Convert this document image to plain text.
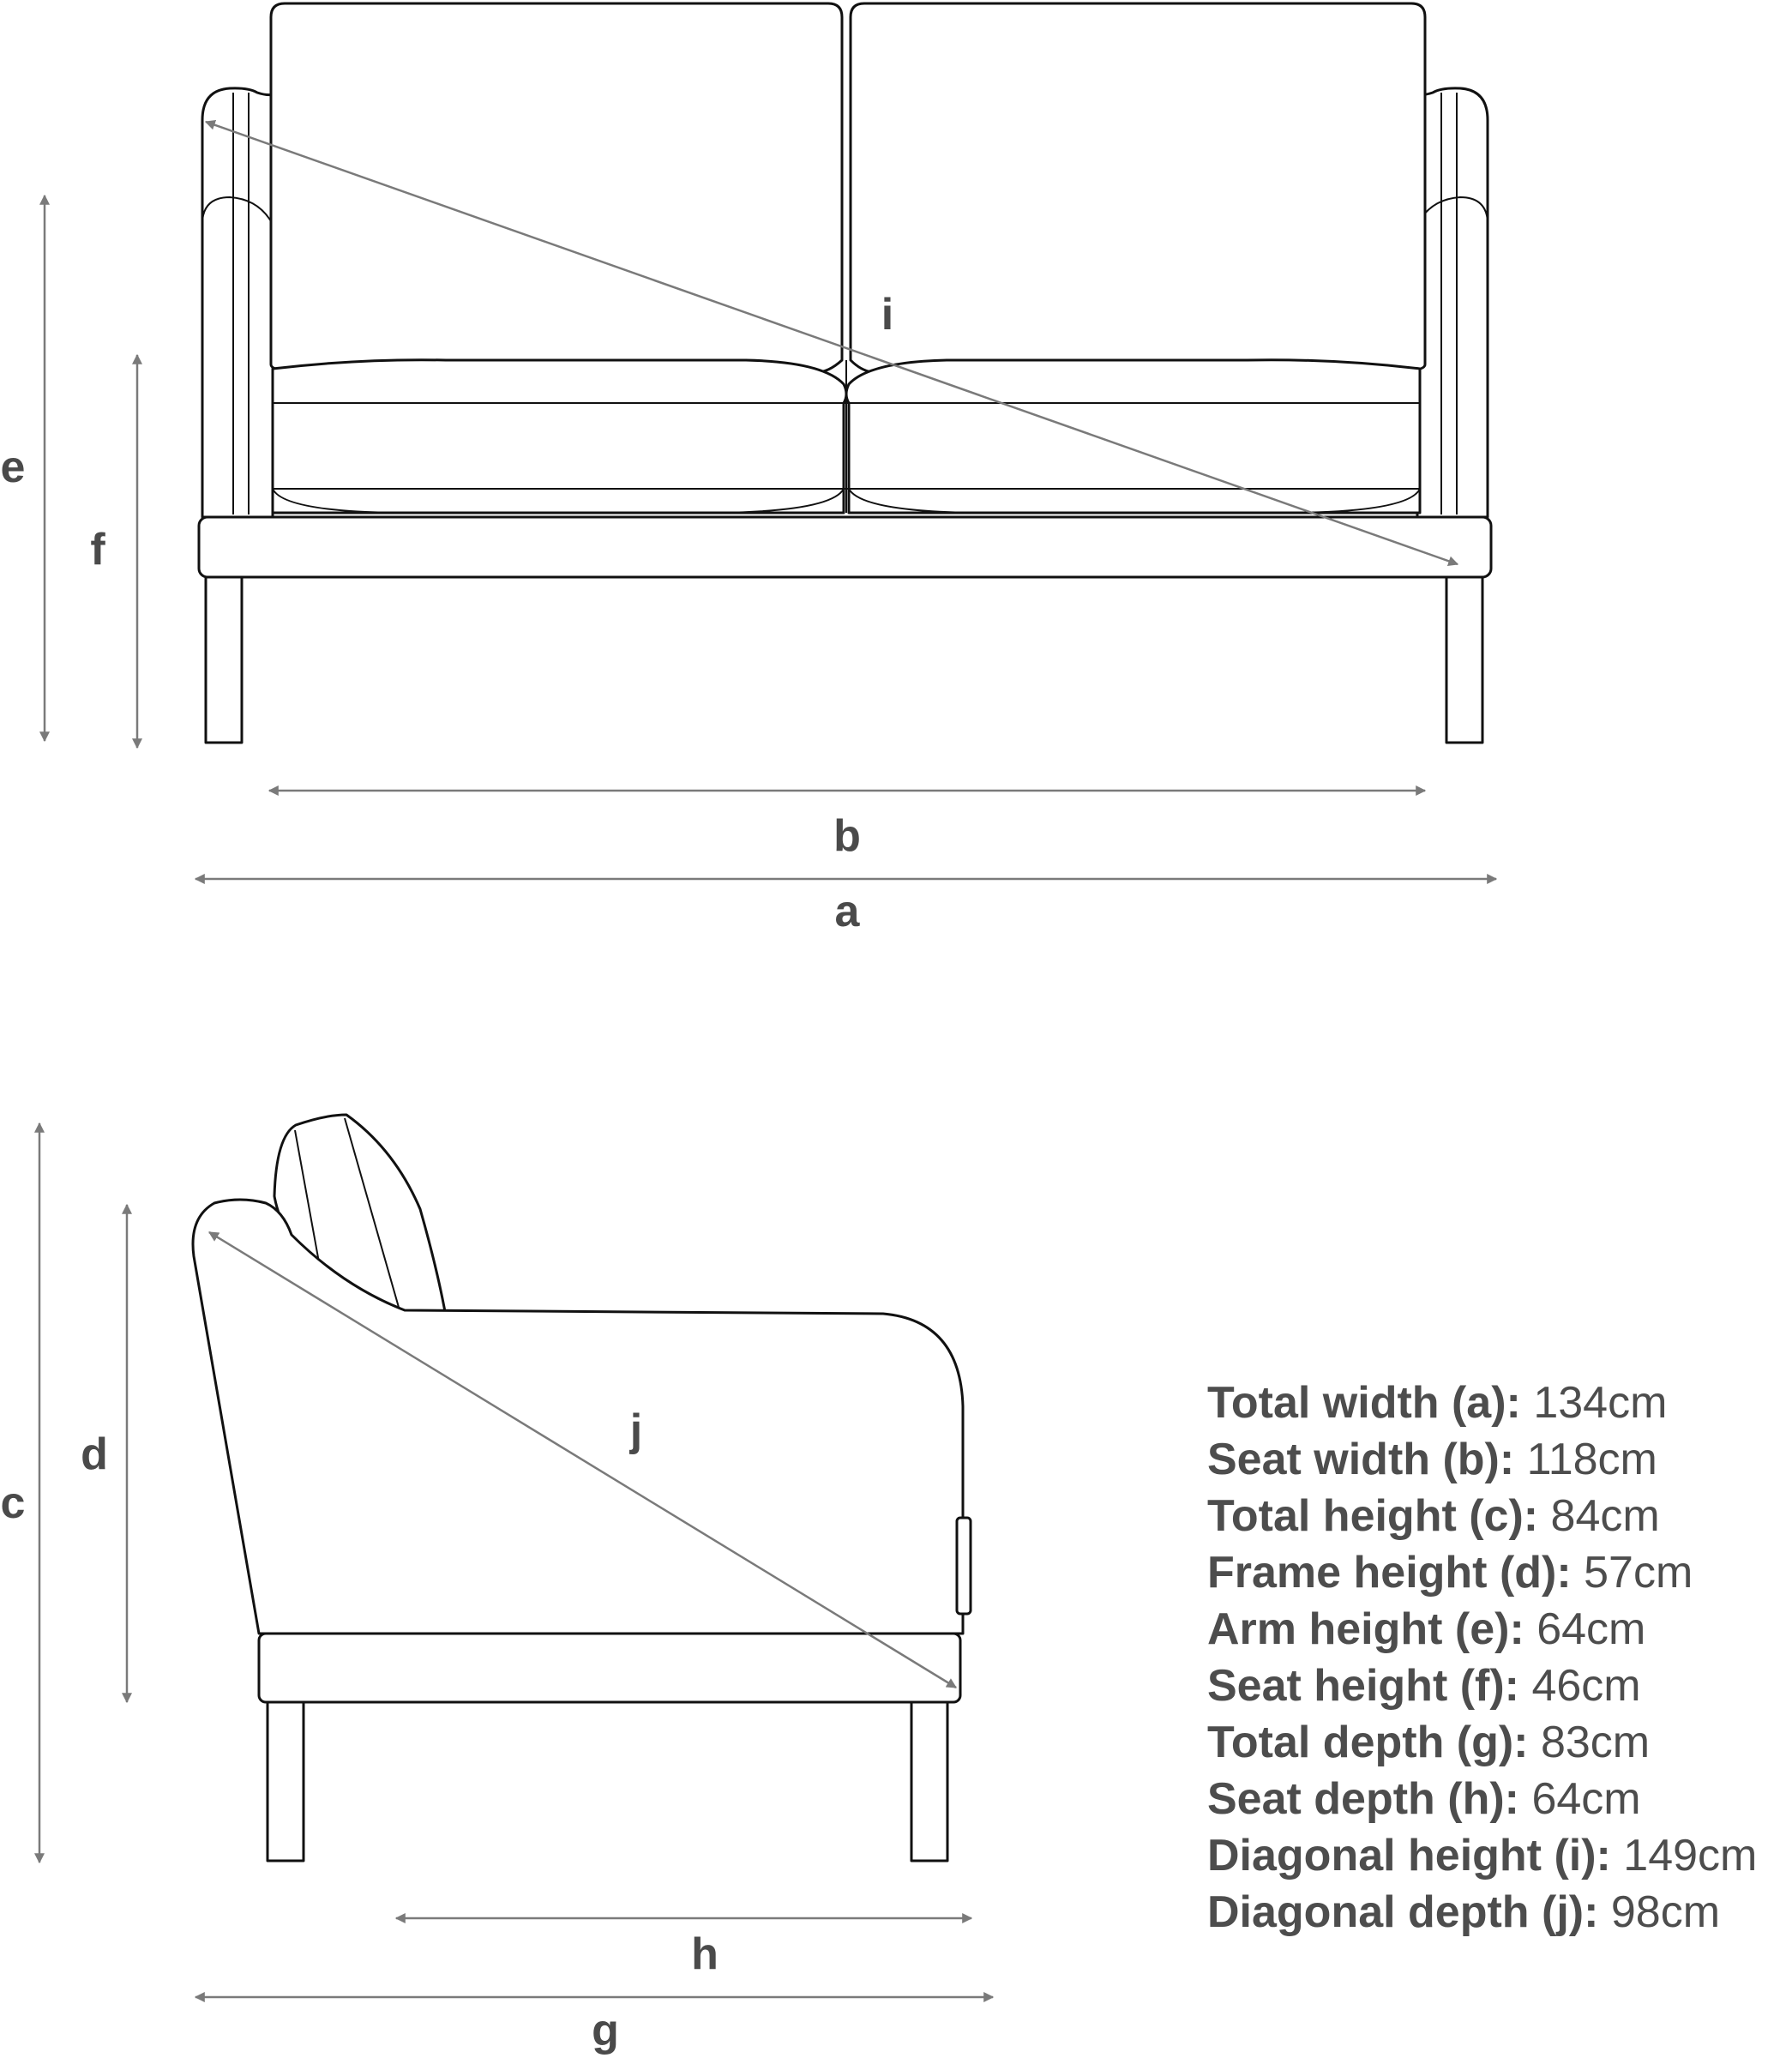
e
f
i
b
a
c
d	j
h
g
Total width (a): 134cm
Seat width (b): 118cm
Total height (c): 84cm
Frame height (d): 57cm
Arm height (e): 64cm
Seat height (f): 46cm
Total depth (g): 83cm
Seat depth (h): 64cm
Diagonal height (i): 149cm
Diagonal depth (j): 98cm
